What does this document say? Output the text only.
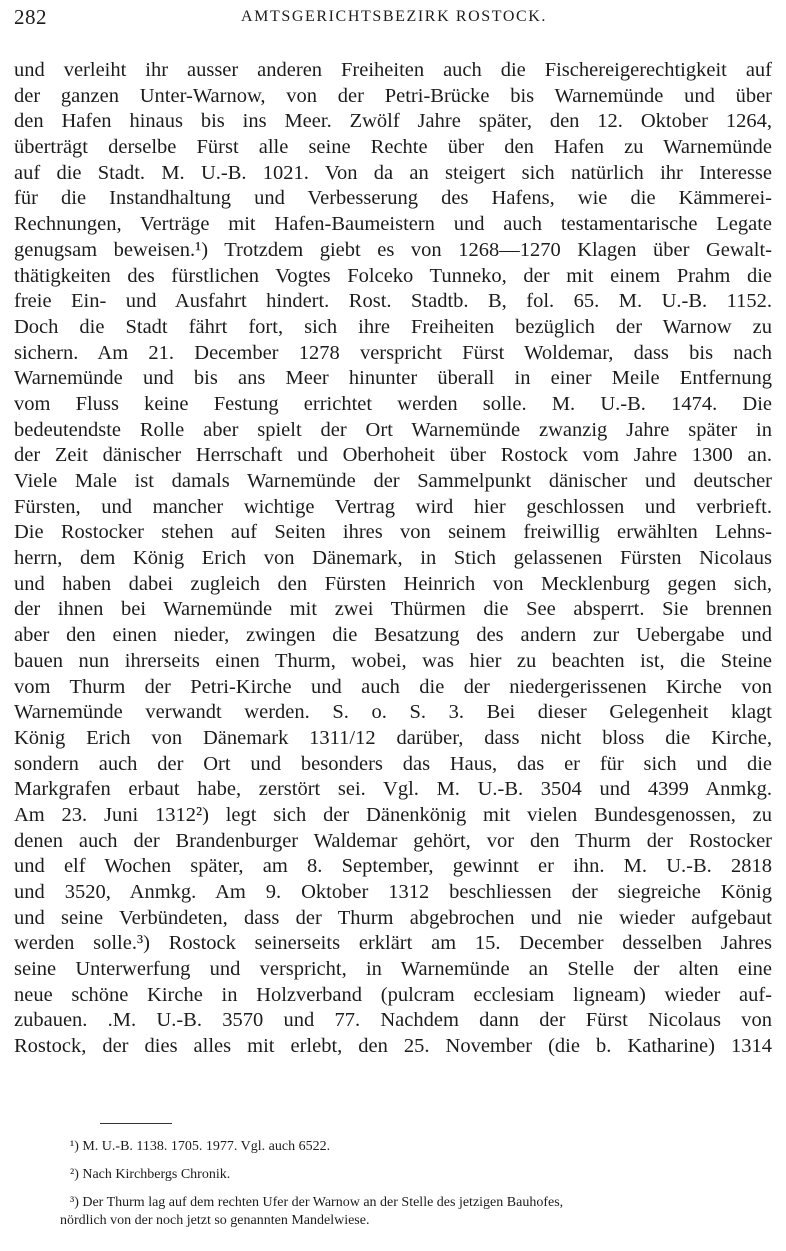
282	AMTSGERICHTSBEZIRK ROSTOCK.
und verleiht ihr ausser anderen Freiheiten auch die Fischereigerechtigkeit auf
der ganzen Unter-Warnow, von der Petri-Brücke bis Warnemünde und über
den Hafen hinaus bis ins Meer. Zwölf Jahre später, den 12. Oktober 1264,
überträgt derselbe Fürst alle seine Rechte über den Hafen zu Warnemünde
auf die Stadt. M. U.-B. 1021. Von da an steigert sich natürlich ihr Interesse
für die Instandhaltung und Verbesserung des Hafens, wie die Kämmerei-
Rechnungen, Verträge mit Hafen-Baumeistern und auch testamentarische Legate
genugsam beweisen.¹) Trotzdem giebt es von 1268—1270 Klagen über Gewalt-
thätigkeiten des fürstlichen Vogtes Folceko Tunneko, der mit einem Prahm die
freie Ein- und Ausfahrt hindert. Rost. Stadtb. B, fol. 65. M. U.-B. 1152.
Doch die Stadt fährt fort, sich ihre Freiheiten bezüglich der Warnow zu
sichern. Am 21. December 1278 verspricht Fürst Woldemar, dass bis nach
Warnemünde und bis ans Meer hinunter überall in einer Meile Entfernung
vom Fluss keine Festung errichtet werden solle. M. U.-B. 1474. Die
bedeutendste Rolle aber spielt der Ort Warnemünde zwanzig Jahre später in
der Zeit dänischer Herrschaft und Oberhoheit über Rostock vom Jahre 1300 an.
Viele Male ist damals Warnemünde der Sammelpunkt dänischer und deutscher
Fürsten, und mancher wichtige Vertrag wird hier geschlossen und verbrieft.
Die Rostocker stehen auf Seiten ihres von seinem freiwillig erwählten Lehns-
herrn, dem König Erich von Dänemark, in Stich gelassenen Fürsten Nicolaus
und haben dabei zugleich den Fürsten Heinrich von Mecklenburg gegen sich,
der ihnen bei Warnemünde mit zwei Thürmen die See absperrt. Sie brennen
aber den einen nieder, zwingen die Besatzung des andern zur Uebergabe und
bauen nun ihrerseits einen Thurm, wobei, was hier zu beachten ist, die Steine
vom Thurm der Petri-Kirche und auch die der niedergerissenen Kirche von
Warnemünde verwandt werden. S. o. S. 3. Bei dieser Gelegenheit klagt
König Erich von Dänemark 1311/12 darüber, dass nicht bloss die Kirche,
sondern auch der Ort und besonders das Haus, das er für sich und die
Markgrafen erbaut habe, zerstört sei. Vgl. M. U.-B. 3504 und 4399 Anmkg.
Am 23. Juni 1312²) legt sich der Dänenkönig mit vielen Bundesgenossen, zu
denen auch der Brandenburger Waldemar gehört, vor den Thurm der Rostocker
und elf Wochen später, am 8. September, gewinnt er ihn. M. U.-B. 2818
und 3520, Anmkg. Am 9. Oktober 1312 beschliessen der siegreiche König
und seine Verbündeten, dass der Thurm abgebrochen und nie wieder aufgebaut
werden solle.³) Rostock seinerseits erklärt am 15. December desselben Jahres
seine Unterwerfung und verspricht, in Warnemünde an Stelle der alten eine
neue schöne Kirche in Holzverband (pulcram ecclesiam ligneam) wieder auf-
zubauen. .M. U.-B. 3570 und 77. Nachdem dann der Fürst Nicolaus von
Rostock, der dies alles mit erlebt, den 25. November (die b. Katharine) 1314
¹) M. U.-B. 1138. 1705. 1977. Vgl. auch 6522.
²) Nach Kirchbergs Chronik.
³) Der Thurm lag auf dem rechten Ufer der Warnow an der Stelle des jetzigen Bauhofes,
nördlich von der noch jetzt so genannten Mandelwiese.
